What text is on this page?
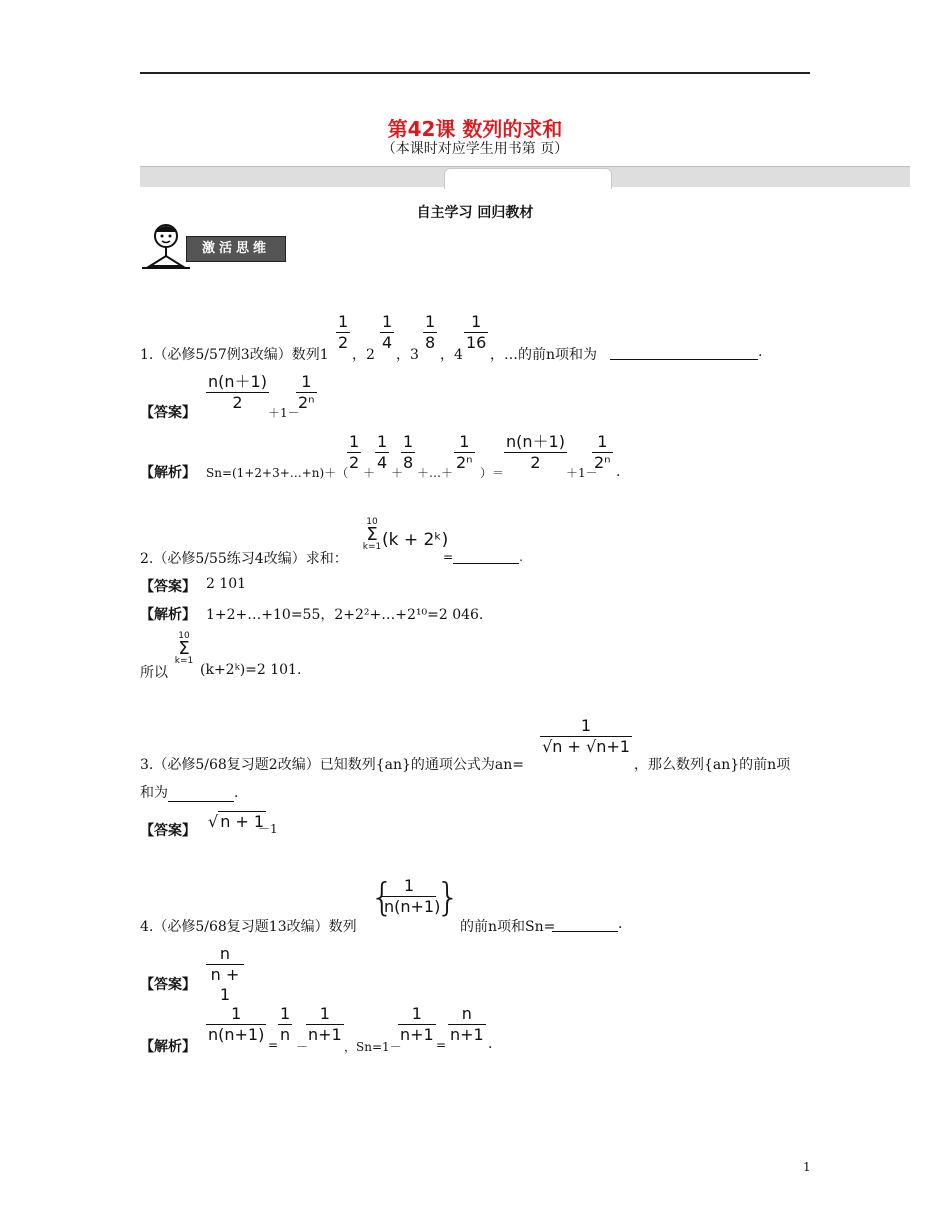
第42课 数列的求和
（本课时对应学生用书第 页）
自主学习 回归教材
激活思维
1.（必修5/57例3改编）数列1
1
2
，2
1
4
，3
1
8
，4
1
16
，…的前n项和为	.
【答案】
n(n＋1)
2
＋1－
1
2ⁿ
【解析】 Sn=(1+2+3+…+n)＋（
1
2
＋
1
4
＋
1
8
＋…＋
1
2ⁿ
）＝
n(n＋1)
2
＋1－
1
2ⁿ .
2.（必修5/55练习4改编）求和：
10
Σ
k=1 (k + 2ᵏ)
=	.
【答案】 2 101
【解析】 1+2+…+10=55，2+2²+…+2¹⁰=2 046.
所以
10
Σ
k=1
(k+2ᵏ)=2 101.
3.（必修5/68复习题2改编）已知数列{an}的通项公式为an=
1
√n + √n+1
，那么数列{an}的前n项
和为	.
【答案】 √ n + 1
－1
4.（必修5/68复习题13改编）数列
{ 1
n(n+1)
}
的前n项和Sn=	.
【答案】
n
n + 1
【解析】
1
n(n+1)
=
1
n
－
1
n+1
，Sn=1－
1
n+1
=
n
n+1 .
1
